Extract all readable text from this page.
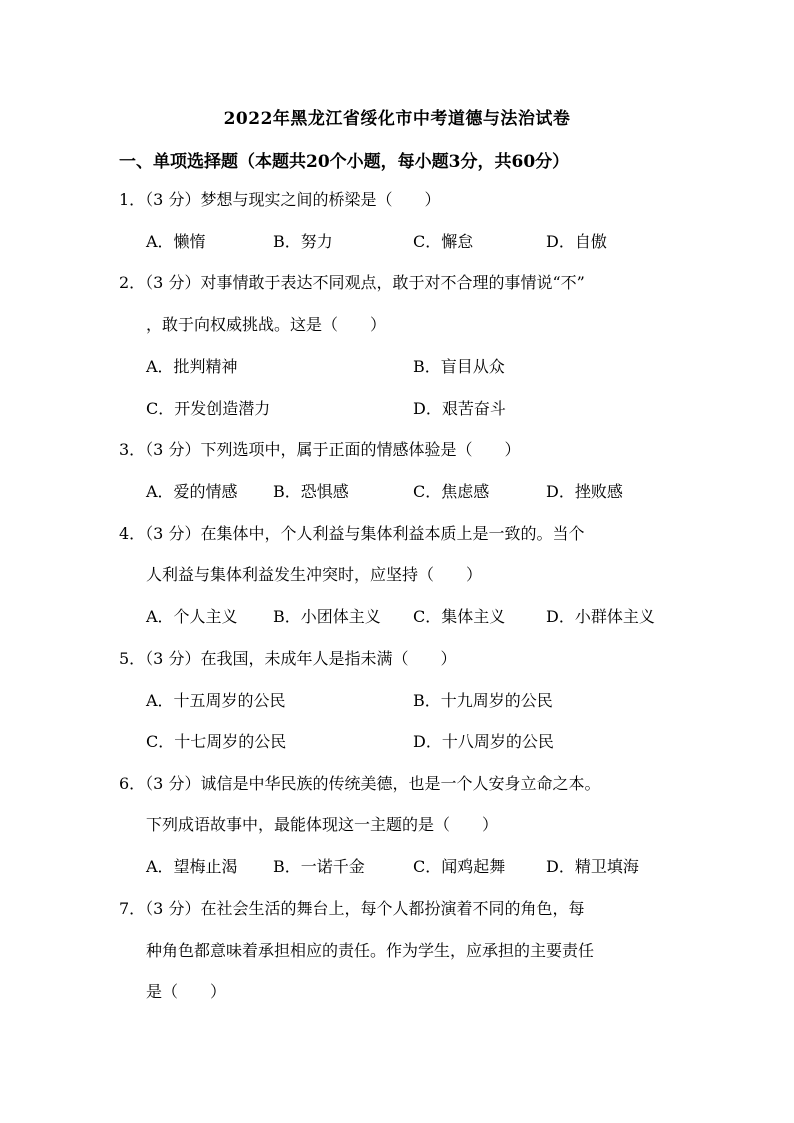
2022年黑龙江省绥化市中考道德与法治试卷
一、单项选择题（本题共20个小题，每小题3分，共60分）
1．（3 分）梦想与现实之间的桥梁是（　　）
A．懒惰	B．努力	C．懈怠	D．自傲
2．（3 分）对事情敢于表达不同观点，敢于对不合理的事情说“不”
，敢于向权威挑战。这是（　　）
A．批判精神	B．盲目从众
C．开发创造潜力	D．艰苦奋斗
3．（3 分）下列选项中，属于正面的情感体验是（　　）
A．爱的情感 B．恐惧感	C．焦虑感	D．挫败感
4．（3 分）在集体中，个人利益与集体利益本质上是一致的。当个
人利益与集体利益发生冲突时，应坚持（　　）
A．个人主义 B．小团体主义 C．集体主义	D．小群体主义
5．（3 分）在我国，未成年人是指未满（　　）
A．十五周岁的公民	B．十九周岁的公民
C．十七周岁的公民	D．十八周岁的公民
6．（3 分）诚信是中华民族的传统美德，也是一个人安身立命之本。
下列成语故事中，最能体现这一主题的是（　　）
A．望梅止渴 B．一诺千金	C．闻鸡起舞	D．精卫填海
7．（3 分）在社会生活的舞台上，每个人都扮演着不同的角色，每
种角色都意味着承担相应的责任。作为学生，应承担的主要责任
是（　　）
